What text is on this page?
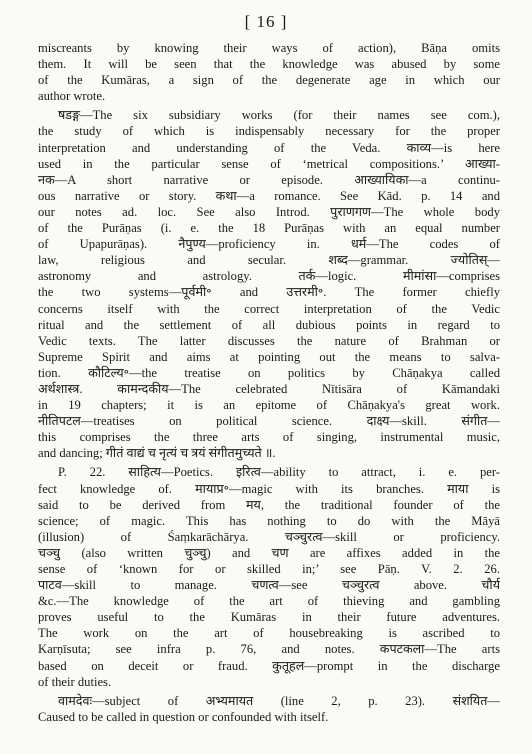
[ 16 ]
miscreants by knowing their ways of action), Bāṇa omits
them. It will be seen that the knowledge was abused by some
of the Kumāras, a sign of the degenerate age in which our
author wrote.
षडङ्ग—The six subsidiary works (for their names see com.),
the study of which is indispensably necessary for the proper
interpretation and understanding of the Veda. काव्य—is here
used in the particular sense of ‘metrical compositions.’ आख्या-
नक—A short narrative or episode. आख्यायिका—a continu-
ous narrative or story. कथा—a romance. See Kād. p. 14 and
our notes ad. loc. See also Introd. पुराणगण—The whole body
of the Purāṇas (i. e. the 18 Purāṇas with an equal number
of Upapurāṇas). नैपुण्य—proficiency in. धर्म—The codes of
law, religious and secular. शब्द—grammar. ज्योतिस्—
astronomy and astrology. तर्क—logic. मीमांसा—comprises
the two systems—पूर्वमी॰ and उत्तरमी॰. The former chiefly
concerns itself with the correct interpretation of the Vedic
ritual and the settlement of all dubious points in regard to
Vedic texts. The latter discusses the nature of Brahman or
Supreme Spirit and aims at pointing out the means to salva-
tion. कौटिल्य॰—the treatise on politics by Chāṇakya called
अर्थशास्त्र. कामन्दकीय—The celebrated Nītisāra of Kāmandaki
in 19 chapters; it is an epitome of Chāṇakya's great work.
नीतिपटल—treatises on political science. दाक्ष्य—skill. संगीत—
this comprises the three arts of singing, instrumental music,
and dancing; गीतं वाद्यं च नृत्यं च त्रयं संगीतमुच्यते ॥.
P. 22. साहित्य—Poetics. इरित्व—ability to attract, i. e. per-
fect knowledge of. मायाप्र॰—magic with its branches. माया is
said to be derived from मय, the traditional founder of the
science; of magic. This has nothing to do with the Māyā
(illusion) of Śaṃkarāchārya. चञ्चुरत्व—skill or proficiency.
चञ्चु (also written चुञ्चु) and चण are affixes added in the
sense of ‘known for or skilled in;’ see Pāṇ. V. 2. 26.
पाटव—skill to manage. चणत्व—see चञ्चुरत्व above. चौर्य
&c.—The knowledge of the art of thieving and gambling
proves useful to the Kumāras in their future adventures.
The work on the art of housebreaking is ascribed to
Karṇīsuta; see infra p. 76, and notes. कपटकला—The arts
based on deceit or fraud. कुतूहल—prompt in the discharge
of their duties.
वामदेवः—subject of अभ्यमायत (line 2, p. 23). संशयित—
Caused to be called in question or confounded with itself.
